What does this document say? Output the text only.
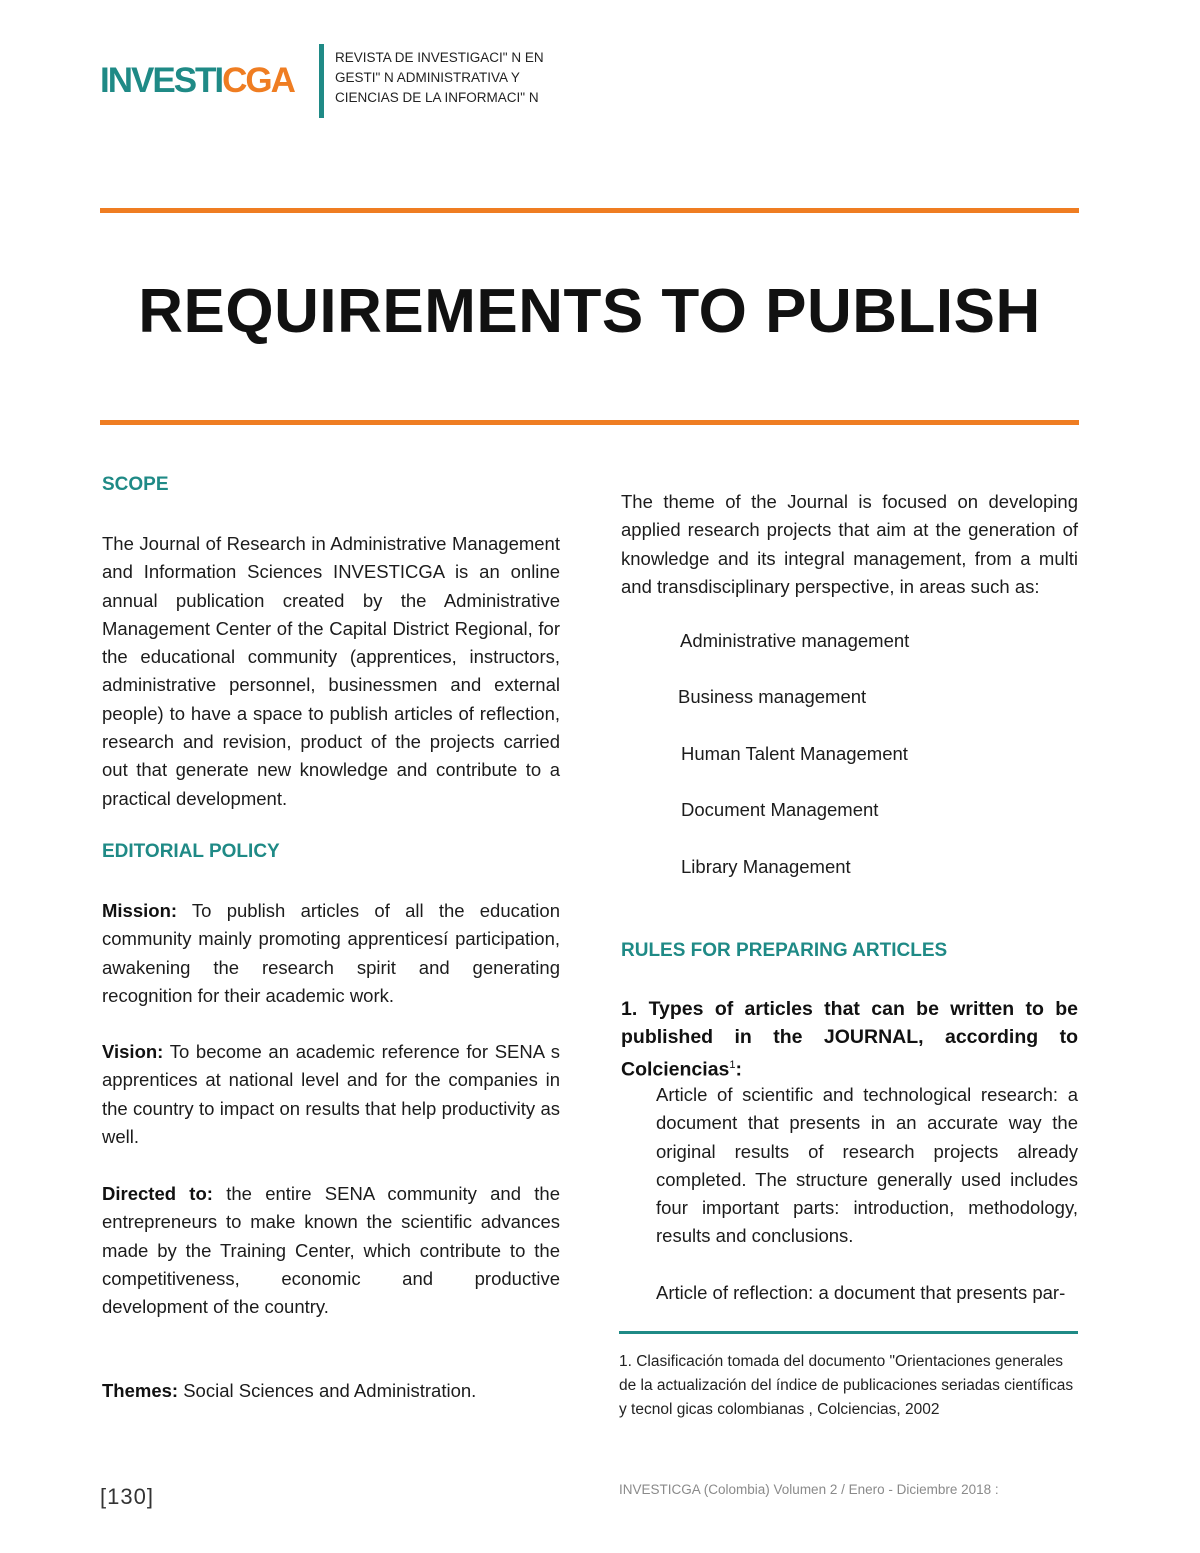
INVESTICGA
REVISTA DE INVESTIGACI" N EN
GESTI" N ADMINISTRATIVA Y
CIENCIAS DE LA INFORMACI" N
REQUIREMENTS TO PUBLISH
SCOPE
The Journal of Research in Administrative Management and Information Sciences INVESTICGA is an online annual publication created by the Administrative Management Center of the Capital District Regional, for the educational community (apprentices, instructors, administrative personnel, businessmen and external people) to have a space to publish articles of reflection, research and revision, product of the projects carried out that generate new knowledge and contribute to a practical development.
EDITORIAL POLICY
Mission: To publish articles of all the education community mainly promoting apprenticesí participation, awakening the research spirit and generating recognition for their academic work.
Vision: To become an academic reference for SENA s apprentices at national level and for the companies in the country to impact on results that help productivity as well.
Directed to: the entire SENA community and the entrepreneurs to make known the scientific advances made by the Training Center, which contribute to the competitiveness, economic and productive development of the country.
Themes: Social Sciences and Administration.
The theme of the Journal is focused on developing applied research projects that aim at the generation of knowledge and its integral management, from a multi and transdisciplinary perspective, in areas such as:
Administrative management
Business management
Human Talent Management
Document Management
Library Management
RULES FOR PREPARING ARTICLES
1. Types of articles that can be written to be published in the JOURNAL, according to Colciencias$^1$:
Article of scientific and technological research: a document that presents in an accurate way the original results of research projects already completed. The structure generally used includes four important parts: introduction, methodology, results and conclusions.
Article of reflection: a document that presents par-
1. Clasificación tomada del documento "Orientaciones generales de la actualización del índice de publicaciones seriadas científicas y tecnol gicas colombianas , Colciencias, 2002
[130]	INVESTICGA (Colombia) Volumen 2 / Enero - Diciembre 2018 :
